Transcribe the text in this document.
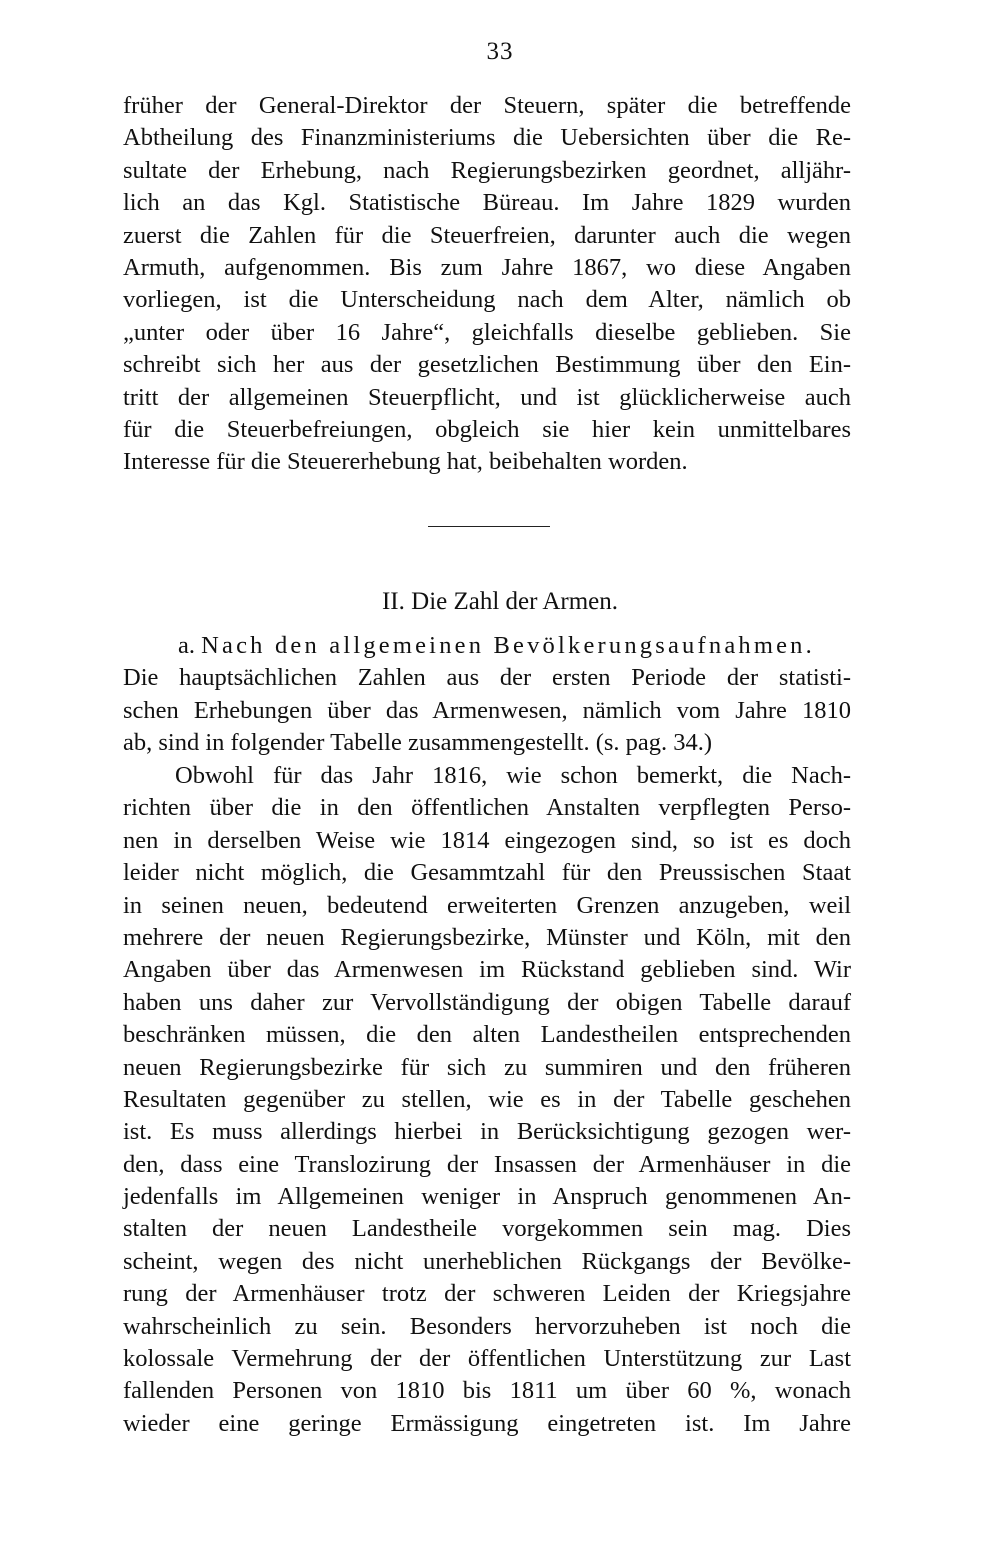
33
früher der General-Direktor der Steuern, später die betreffende
Abtheilung des Finanzministeriums die Uebersichten über die Re-
sultate der Erhebung, nach Regierungsbezirken geordnet, alljähr-
lich an das Kgl. Statistische Büreau. Im Jahre 1829 wurden
zuerst die Zahlen für die Steuerfreien, darunter auch die wegen
Armuth, aufgenommen. Bis zum Jahre 1867, wo diese Angaben
vorliegen, ist die Unterscheidung nach dem Alter, nämlich ob
„unter oder über 16 Jahre“, gleichfalls dieselbe geblieben. Sie
schreibt sich her aus der gesetzlichen Bestimmung über den Ein-
tritt der allgemeinen Steuerpflicht, und ist glücklicherweise auch
für die Steuerbefreiungen, obgleich sie hier kein unmittelbares
Interesse für die Steuererhebung hat, beibehalten worden.
II. Die Zahl der Armen.
a. Nach den allgemeinen Bevölkerungsaufnahmen.
Die hauptsächlichen Zahlen aus der ersten Periode der statisti-
schen Erhebungen über das Armenwesen, nämlich vom Jahre 1810
ab, sind in folgender Tabelle zusammengestellt. (s. pag. 34.)
Obwohl für das Jahr 1816, wie schon bemerkt, die Nach-
richten über die in den öffentlichen Anstalten verpflegten Perso-
nen in derselben Weise wie 1814 eingezogen sind, so ist es doch
leider nicht möglich, die Gesammtzahl für den Preussischen Staat
in seinen neuen, bedeutend erweiterten Grenzen anzugeben, weil
mehrere der neuen Regierungsbezirke, Münster und Köln, mit den
Angaben über das Armenwesen im Rückstand geblieben sind. Wir
haben uns daher zur Vervollständigung der obigen Tabelle darauf
beschränken müssen, die den alten Landestheilen entsprechenden
neuen Regierungsbezirke für sich zu summiren und den früheren
Resultaten gegenüber zu stellen, wie es in der Tabelle geschehen
ist. Es muss allerdings hierbei in Berücksichtigung gezogen wer-
den, dass eine Translozirung der Insassen der Armenhäuser in die
jedenfalls im Allgemeinen weniger in Anspruch genommenen An-
stalten der neuen Landestheile vorgekommen sein mag. Dies
scheint, wegen des nicht unerheblichen Rückgangs der Bevölke-
rung der Armenhäuser trotz der schweren Leiden der Kriegsjahre
wahrscheinlich zu sein. Besonders hervorzuheben ist noch die
kolossale Vermehrung der der öffentlichen Unterstützung zur Last
fallenden Personen von 1810 bis 1811 um über 60 %, wonach
wieder eine geringe Ermässigung eingetreten ist. Im Jahre
